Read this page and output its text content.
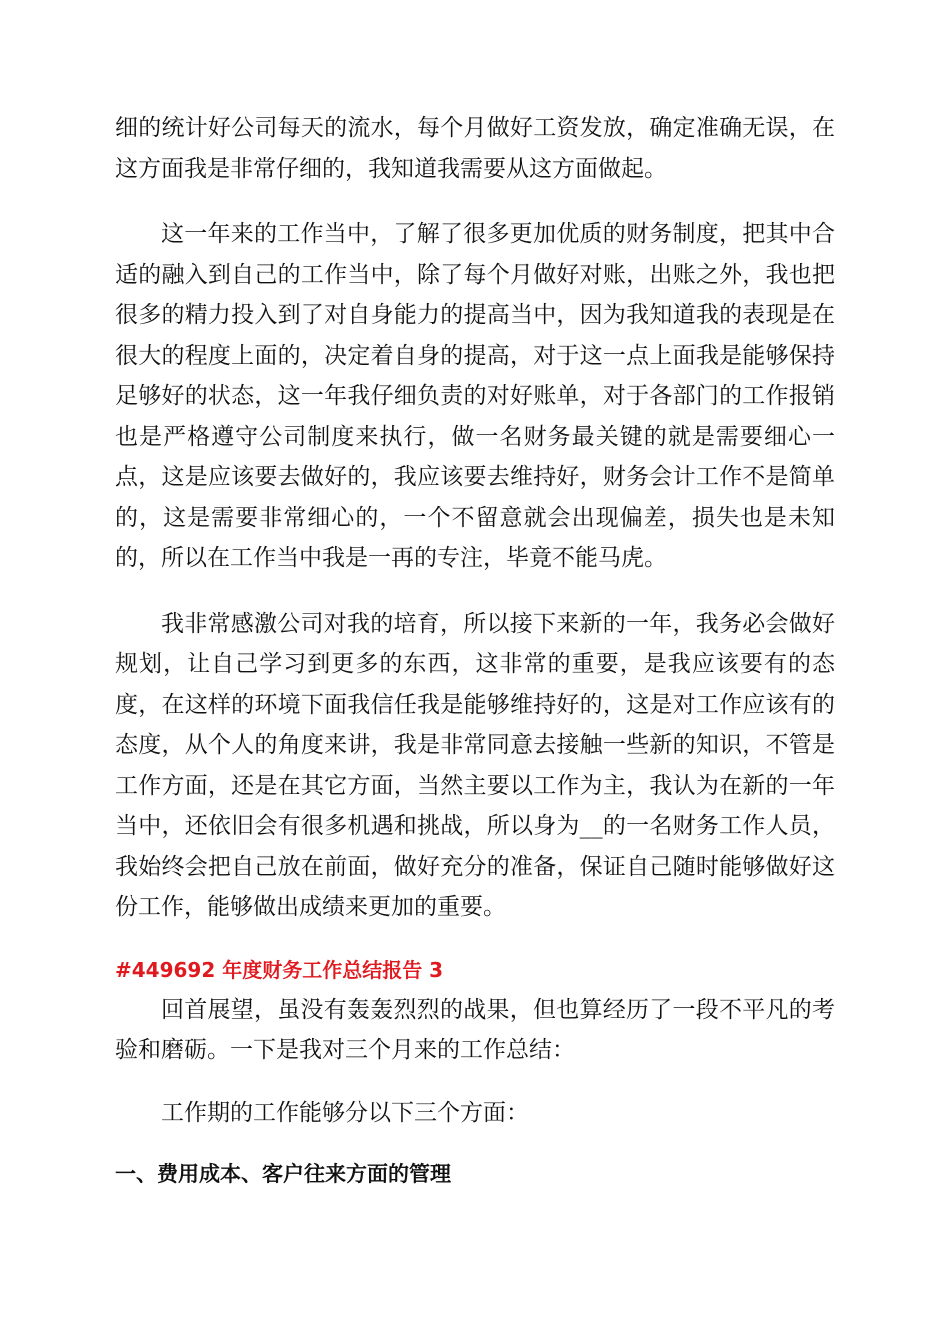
细的统计好公司每天的流水，每个月做好工资发放，确定准确无误，在这方面我是非常仔细的，我知道我需要从这方面做起。

这一年来的工作当中，了解了很多更加优质的财务制度，把其中合适的融入到自己的工作当中，除了每个月做好对账，出账之外，我也把很多的精力投入到了对自身能力的提高当中，因为我知道我的表现是在很大的程度上面的，决定着自身的提高，对于这一点上面我是能够保持足够好的状态，这一年我仔细负责的对好账单，对于各部门的工作报销也是严格遵守公司制度来执行，做一名财务最关键的就是需要细心一点，这是应该要去做好的，我应该要去维持好，财务会计工作不是简单的，这是需要非常细心的，一个不留意就会出现偏差，损失也是未知的，所以在工作当中我是一再的专注，毕竟不能马虎。

我非常感激公司对我的培育，所以接下来新的一年，我务必会做好规划，让自己学习到更多的东西，这非常的重要，是我应该要有的态度，在这样的环境下面我信任我是能够维持好的，这是对工作应该有的态度，从个人的角度来讲，我是非常同意去接触一些新的知识，不管是工作方面，还是在其它方面，当然主要以工作为主，我认为在新的一年当中，还依旧会有很多机遇和挑战，所以身为__的一名财务工作人员，我始终会把自己放在前面，做好充分的准备，保证自己随时能够做好这份工作，能够做出成绩来更加的重要。

#449692 年度财务工作总结报告 3

回首展望，虽没有轰轰烈烈的战果，但也算经历了一段不平凡的考验和磨砺。一下是我对三个月来的工作总结：

工作期的工作能够分以下三个方面：

一、费用成本、客户往来方面的管理
